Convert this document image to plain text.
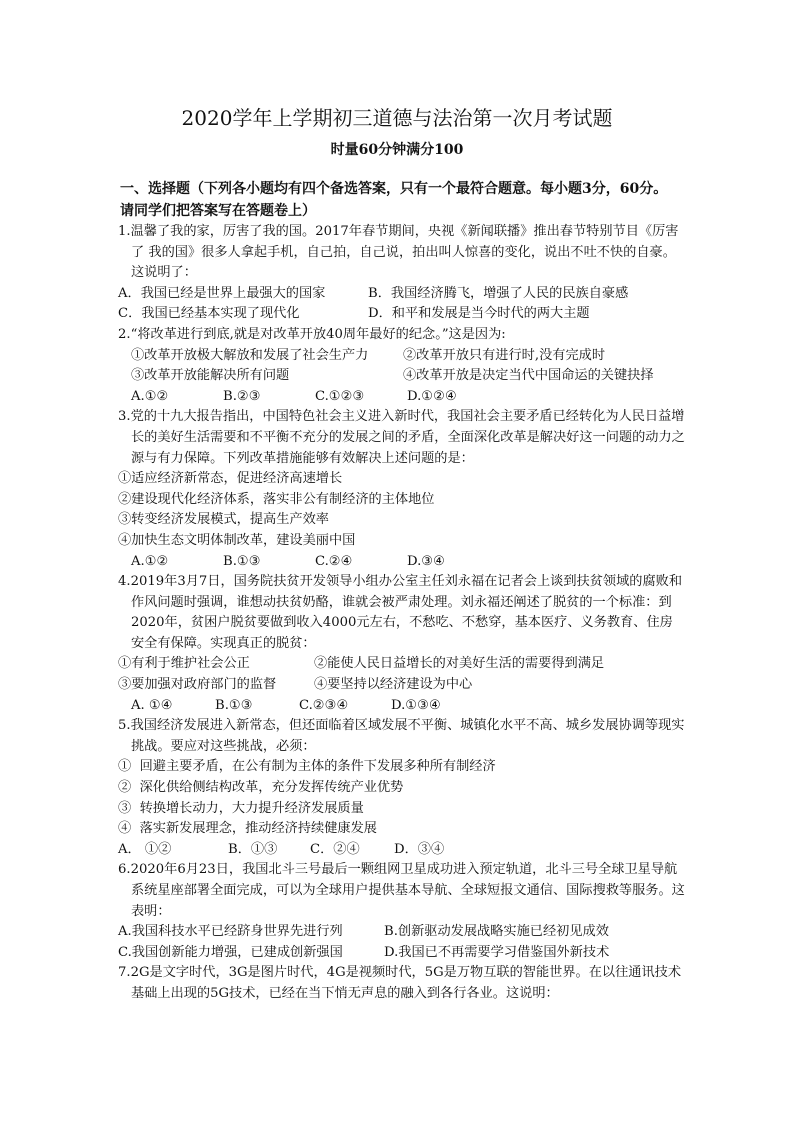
2020学年上学期初三道德与法治第一次月考试题
时量60分钟满分100
一、选择题（下列各小题均有四个备选答案，只有一个最符合题意。每小题3分，60分。请同学们把答案写在答题卷上）

1.温馨了我的家，厉害了我的国。2017年春节期间，央视《新闻联播》推出春节特别节目《厉害了 我的国》很多人拿起手机，自己拍，自己说，拍出叫人惊喜的变化，说出不吐不快的自豪。这说明了：

A．我国已经是世界上最强大的国家	B．我国经济腾飞，增强了人民的民族自豪感
C．我国已经基本实现了现代化	D．和平和发展是当今时代的两大主题

2.“将改革进行到底,就是对改革开放40周年最好的纪念。”这是因为:

①改革开放极大解放和发展了社会生产力	②改革开放只有进行时,没有完成时
③改革开放能解决所有问题	④改革开放是决定当代中国命运的关键抉择
A.①②	B.②③	C.①②③	D.①②④

3.党的十九大报告指出，中国特色社会主义进入新时代，我国社会主要矛盾已经转化为人民日益增长的美好生活需要和不平衡不充分的发展之间的矛盾，全面深化改革是解决好这一问题的动力之源与有力保障。下列改革措施能够有效解决上述问题的是：

①适应经济新常态，促进经济高速增长

②建设现代化经济体系，落实非公有制经济的主体地位

③转变经济发展模式，提高生产效率

④加快生态文明体制改革，建设美丽中国

A.①②	B.①③	C.②④	D.③④

4.2019年3月7日，国务院扶贫开发领导小组办公室主任刘永福在记者会上谈到扶贫领域的腐败和作风问题时强调，谁想动扶贫奶酪，谁就会被严肃处理。刘永福还阐述了脱贫的一个标准：到2020年，贫困户脱贫要做到收入4000元左右，不愁吃、不愁穿，基本医疗、义务教育、住房安全有保障。实现真正的脱贫：

①有利于维护社会公正	②能使人民日益增长的对美好生活的需要得到满足
③要加强对政府部门的监督	④要坚持以经济建设为中心
A. ①④	B.①③	C.②③④	D.①③④

5.我国经济发展进入新常态，但还面临着区域发展不平衡、城镇化水平不高、城乡发展协调等现实挑战。要应对这些挑战，必须：

①  回避主要矛盾，在公有制为主体的条件下发展多种所有制经济

②  深化供给侧结构改革，充分发挥传统产业优势

③  转换增长动力，大力提升经济发展质量

④  落实新发展理念，推动经济持续健康发展

A． ①②	B．①③	C．②④	D．③④

6.2020年6月23日，我国北斗三号最后一颗组网卫星成功进入预定轨道，北斗三号全球卫星导航系统星座部署全面完成，可以为全球用户提供基本导航、全球短报文通信、国际搜救等服务。这表明：

A.我国科技水平已经跻身世界先进行列	B.创新驱动发展战略实施已经初见成效
C.我国创新能力增强，已建成创新强国	D.我国已不再需要学习借鉴国外新技术

7.2G是文字时代，3G是图片时代，4G是视频时代，5G是万物互联的智能世界。在以往通讯技术基础上出现的5G技术，已经在当下悄无声息的融入到各行各业。这说明：
